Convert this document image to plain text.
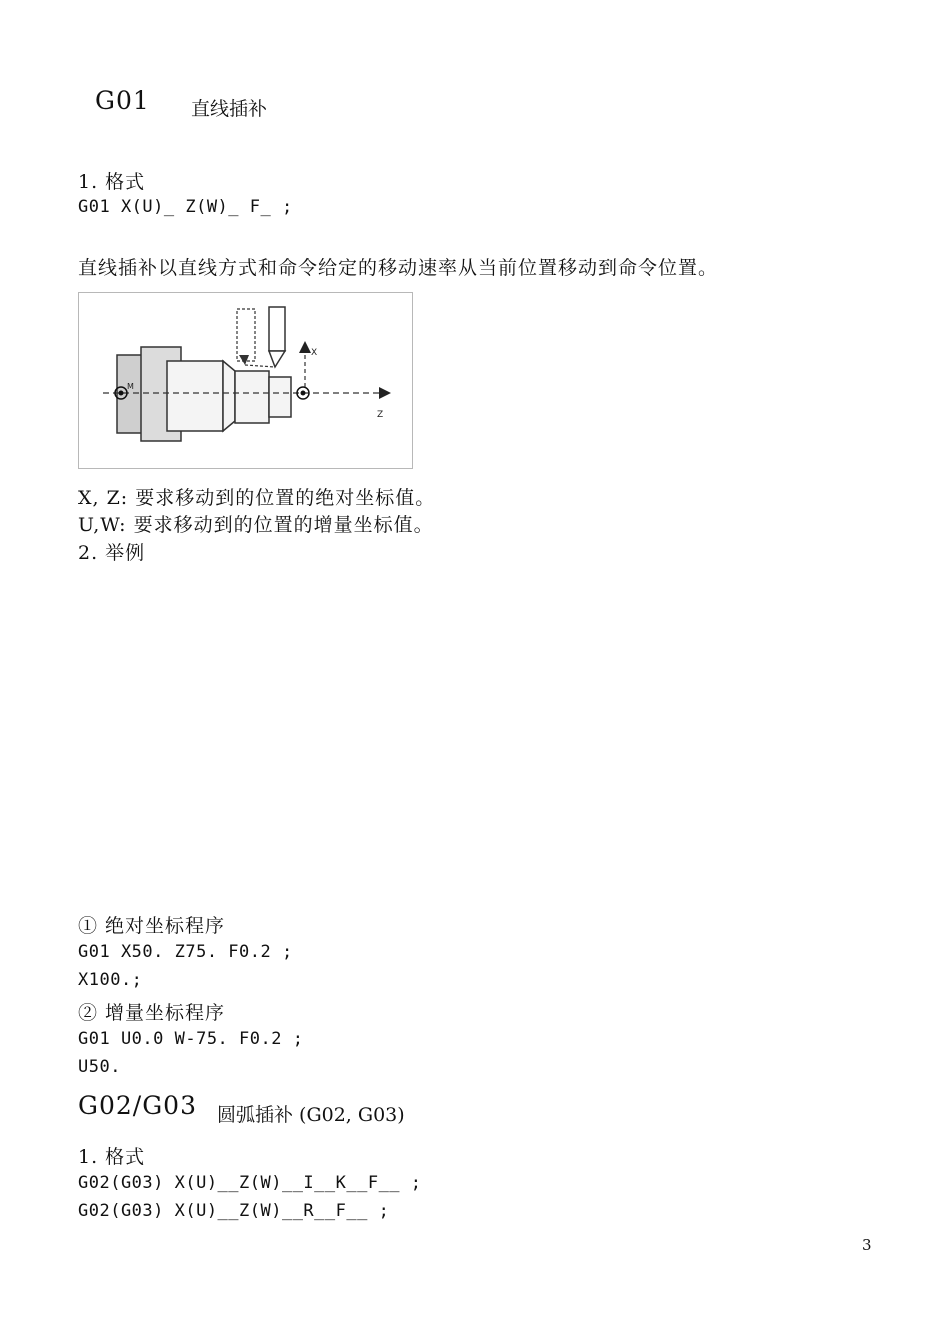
G01 直线插补
1. 格式
G01 X(U)_ Z(W)_ F_ ;
直线插补以直线方式和命令给定的移动速率从当前位置移动到命令位置。
M
X
Z
X, Z: 要求移动到的位置的绝对坐标值。
U,W: 要求移动到的位置的增量坐标值。
2. 举例
① 绝对坐标程序
G01 X50. Z75. F0.2 ;
X100.;
② 增量坐标程序
G01 U0.0 W-75. F0.2 ;
U50.
G02/G03 圆弧插补 (G02, G03)
1. 格式
G02(G03) X(U)__Z(W)__I__K__F__ ;
G02(G03) X(U)__Z(W)__R__F__ ;
3
